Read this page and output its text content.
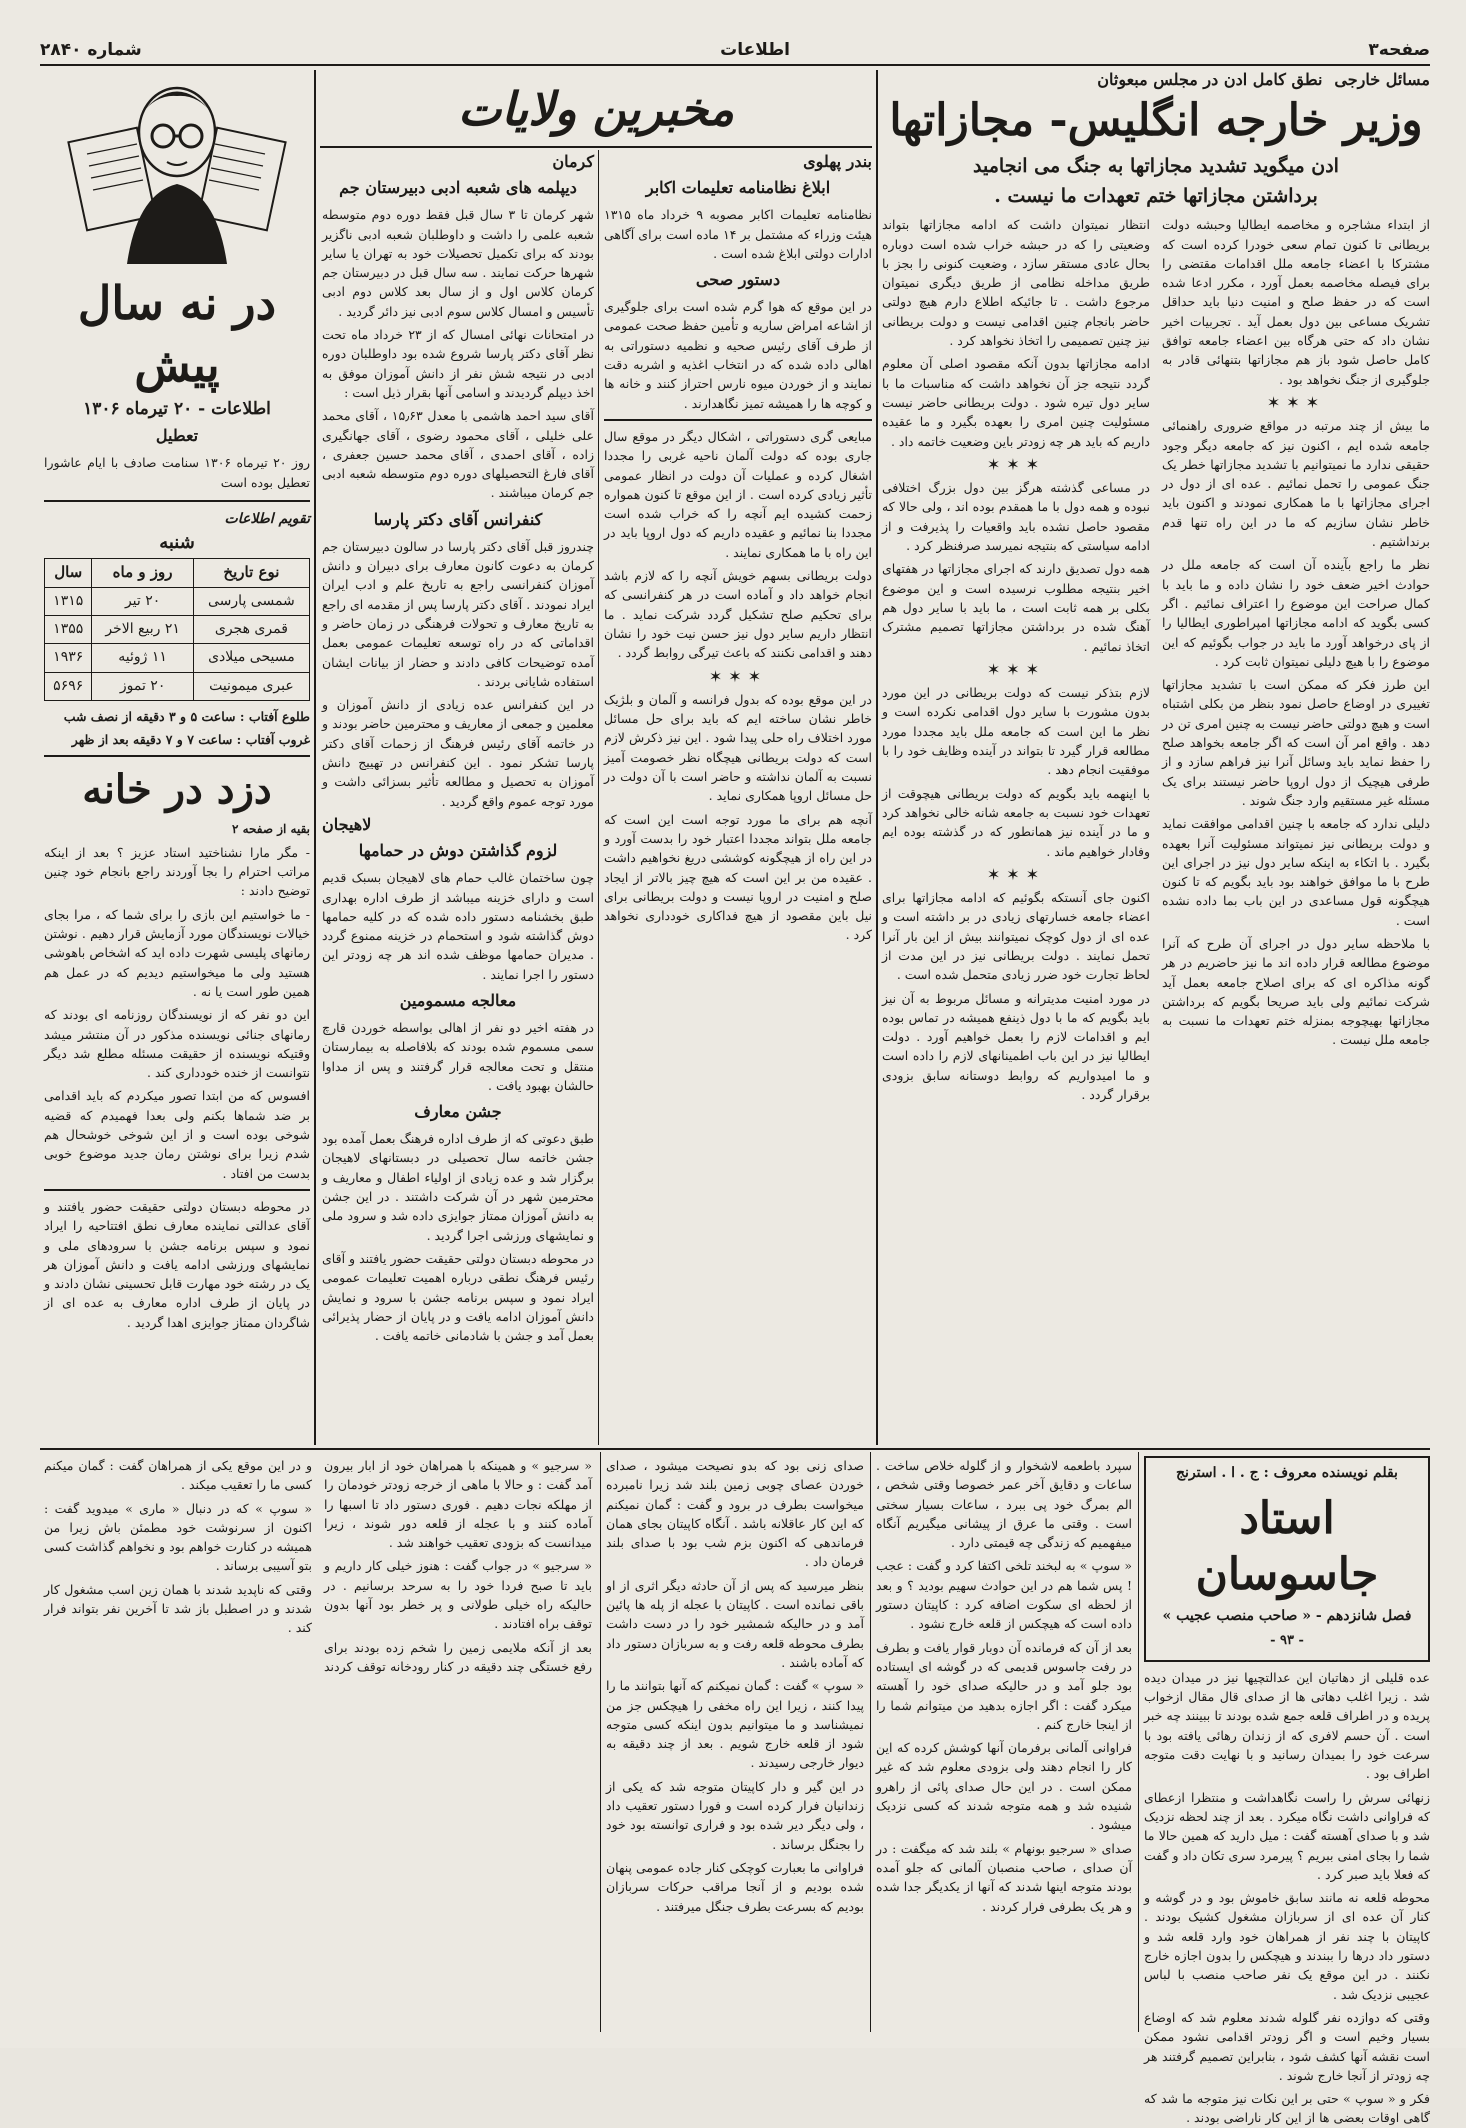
صفحه۳
اطلاعات
شماره ۲۸۴۰
مسائل خارجی
نطق کامل ادن در مجلس مبعوثان
وزیر خارجه انگلیس- مجازاتها
ادن میگوید تشدید مجازاتها به جنگ می انجامید
برداشتن مجازاتها ختم تعهدات ما نیست .

از ابتداء مشاجره و مخاصمه ایطالیا وحبشه دولت بریطانی تا کنون تمام سعی خودرا کرده است که مشترکا با اعضاء جامعه ملل اقدامات مقتضی را برای فیصله مخاصمه بعمل آورد ، مکرر ادعا شده است که در حفظ صلح و امنیت دنیا باید حداقل تشریک مساعی بین دول بعمل آید . تجربیات اخیر نشان داد که حتی هرگاه بین اعضاء جامعه توافق کامل حاصل شود باز هم مجازاتها بتنهائی قادر به جلوگیری از جنگ نخواهد بود .

✶✶✶

ما بیش از چند مرتبه در مواقع ضروری راهنمائی جامعه شده ایم ، اکنون نیز که جامعه دیگر وجود حقیقی ندارد ما نمیتوانیم با تشدید مجازاتها خطر یک جنگ عمومی را تحمل نمائیم . عده ای از دول در اجرای مجازاتها با ما همکاری نمودند و اکنون باید خاطر نشان سازیم که ما در این راه تنها قدم برنداشتیم .

نظر ما راجع بآینده آن است که جامعه ملل در حوادث اخیر ضعف خود را نشان داده و ما باید با کمال صراحت این موضوع را اعتراف نمائیم . اگر کسی بگوید که ادامه مجازاتها امپراطوری ایطالیا را از پای درخواهد آورد ما باید در جواب بگوئیم که این موضوع را با هیچ دلیلی نمیتوان ثابت کرد .

این طرز فکر که ممکن است با تشدید مجازاتها تغییری در اوضاع حاصل نمود بنظر من بکلی اشتباه است و هیچ دولتی حاضر نیست به چنین امری تن در دهد . واقع امر آن است که اگر جامعه بخواهد صلح را حفظ نماید باید وسائل آنرا نیز فراهم سازد و از طرفی هیچیک از دول اروپا حاضر نیستند برای یک مسئله غیر مستقیم وارد جنگ شوند .

دلیلی ندارد که جامعه با چنین اقدامی موافقت نماید و دولت بریطانی نیز نمیتواند مسئولیت آنرا بعهده بگیرد . با اتکاء به اینکه سایر دول نیز در اجرای این طرح با ما موافق خواهند بود باید بگویم که تا کنون هیچگونه قول مساعدی در این باب بما داده نشده است .

با ملاحظه سایر دول در اجرای آن طرح که آنرا موضوع مطالعه قرار داده اند ما نیز حاضریم در هر گونه مذاکره ای که برای اصلاح جامعه بعمل آید شرکت نمائیم ولی باید صریحا بگویم که برداشتن مجازاتها بهیچوجه بمنزله ختم تعهدات ما نسبت به جامعه ملل نیست .

انتظار نمیتوان داشت که ادامه مجازاتها بتواند وضعیتی را که در حبشه خراب شده است دوباره بحال عادی مستقر سازد ، وضعیت کنونی را بجز با طریق مداخله نظامی از طریق دیگری نمیتوان مرجوع داشت . تا جائیکه اطلاع دارم هیچ دولتی حاضر بانجام چنین اقدامی نیست و دولت بریطانی نیز چنین تصمیمی را اتخاذ نخواهد کرد .

ادامه مجازاتها بدون آنکه مقصود اصلی آن معلوم گردد نتیجه جز آن نخواهد داشت که مناسبات ما با سایر دول تیره شود . دولت بریطانی حاضر نیست مسئولیت چنین امری را بعهده بگیرد و ما عقیده داریم که باید هر چه زودتر باین وضعیت خاتمه داد .

✶✶✶

در مساعی گذشته هرگز بین دول بزرگ اختلافی نبوده و همه دول با ما همقدم بوده اند ، ولی حالا که مقصود حاصل نشده باید واقعیات را پذیرفت و از ادامه سیاستی که بنتیجه نمیرسد صرفنظر کرد .

همه دول تصدیق دارند که اجرای مجازاتها در هفتهای اخیر بنتیجه مطلوب نرسیده است و این موضوع بکلی بر همه ثابت است ، ما باید با سایر دول هم آهنگ شده در برداشتن مجازاتها تصمیم مشترک اتخاذ نمائیم .

✶✶✶

لازم بتذکر نیست که دولت بریطانی در این مورد بدون مشورت با سایر دول اقدامی نکرده است و نظر ما این است که جامعه ملل باید مجددا مورد مطالعه قرار گیرد تا بتواند در آینده وظایف خود را با موفقیت انجام دهد .

با اینهمه باید بگویم که دولت بریطانی هیچوقت از تعهدات خود نسبت به جامعه شانه خالی نخواهد کرد و ما در آینده نیز همانطور که در گذشته بوده ایم وفادار خواهیم ماند .

✶✶✶

اکنون جای آنستکه بگوئیم که ادامه مجازاتها برای اعضاء جامعه خسارتهای زیادی در بر داشته است و عده ای از دول کوچک نمیتوانند بیش از این بار آنرا تحمل نمایند . دولت بریطانی نیز در این مدت از لحاظ تجارت خود ضرر زیادی متحمل شده است .

در مورد امنیت مدیترانه و مسائل مربوط به آن نیز باید بگویم که ما با دول ذینفع همیشه در تماس بوده ایم و اقدامات لازم را بعمل خواهیم آورد . دولت ایطالیا نیز در این باب اطمینانهای لازم را داده است و ما امیدواریم که روابط دوستانه سابق بزودی برقرار گردد .

مخبرین ولایات
بندر پهلوی
ابلاغ نظامنامه تعلیمات اکابر

نظامنامه تعلیمات اکابر مصوبه ۹ خرداد ماه ۱۳۱۵ هیئت وزراء که مشتمل بر ۱۴ ماده است برای آگاهی ادارات دولتی ابلاغ شده است .

دستور صحی

در این موقع که هوا گرم شده است برای جلوگیری از اشاعه امراض ساریه و تأمین حفظ صحت عمومی از طرف آقای رئیس صحیه و نظمیه دستوراتی به اهالی داده شده که در انتخاب اغذیه و اشربه دقت نمایند و از خوردن میوه نارس احتراز کنند و خانه ها و کوچه ها را همیشه تمیز نگاهدارند .

مبایعی گری دستوراتی ، اشکال دیگر در موقع سال جاری بوده که دولت آلمان ناحیه غربی را مجددا اشغال کرده و عملیات آن دولت در انظار عمومی تأثیر زیادی کرده است . از این موقع تا کنون همواره زحمت کشیده ایم آنچه را که خراب شده است مجددا بنا نمائیم و عقیده داریم که دول اروپا باید در این راه با ما همکاری نمایند .

دولت بریطانی بسهم خویش آنچه را که لازم باشد انجام خواهد داد و آماده است در هر کنفرانسی که برای تحکیم صلح تشکیل گردد شرکت نماید . ما انتظار داریم سایر دول نیز حسن نیت خود را نشان دهند و اقدامی نکنند که باعث تیرگی روابط گردد .

✶✶✶

در این موقع بوده که بدول فرانسه و آلمان و بلژیک خاطر نشان ساخته ایم که باید برای حل مسائل مورد اختلاف راه حلی پیدا شود . این نیز ذکرش لازم است که دولت بریطانی هیچگاه نظر خصومت آمیز نسبت به آلمان نداشته و حاضر است با آن دولت در حل مسائل اروپا همکاری نماید .

آنچه هم برای ما مورد توجه است این است که جامعه ملل بتواند مجددا اعتبار خود را بدست آورد و در این راه از هیچگونه کوششی دریغ نخواهیم داشت . عقیده من بر این است که هیچ چیز بالاتر از ایجاد صلح و امنیت در اروپا نیست و دولت بریطانی برای نیل باین مقصود از هیچ فداکاری خودداری نخواهد کرد .

کرمان
دیپلمه های شعبه ادبی دبیرستان جم

شهر کرمان تا ۳ سال قبل فقط دوره دوم متوسطه شعبه علمی را داشت و داوطلبان شعبه ادبی ناگزیر بودند که برای تکمیل تحصیلات خود به تهران یا سایر شهرها حرکت نمایند . سه سال قبل در دبیرستان جم کرمان کلاس اول و از سال بعد کلاس دوم ادبی تأسیس و امسال کلاس سوم ادبی نیز دائر گردید .

در امتحانات نهائی امسال که از ۲۳ خرداد ماه تحت نظر آقای دکتر پارسا شروع شده بود داوطلبان دوره ادبی در نتیجه شش نفر از دانش آموزان موفق به اخذ دیپلم گردیدند و اسامی آنها بقرار ذیل است :

آقای سید احمد هاشمی با معدل ۱۵٫۶۳ ، آقای محمد علی خلیلی ، آقای محمود رضوی ، آقای جهانگیری زاده ، آقای احمدی ، آقای محمد حسین جعفری ، آقای فارغ التحصیلهای دوره دوم متوسطه شعبه ادبی جم کرمان میباشند .

کنفرانس آقای دکتر پارسا

چندروز قبل آقای دکتر پارسا در سالون دبیرستان جم کرمان به دعوت کانون معارف برای دبیران و دانش آموزان کنفرانسی راجع به تاریخ علم و ادب ایران ایراد نمودند . آقای دکتر پارسا پس از مقدمه ای راجع به تاریخ معارف و تحولات فرهنگی در زمان حاضر و اقداماتی که در راه توسعه تعلیمات عمومی بعمل آمده توضیحات کافی دادند و حضار از بیانات ایشان استفاده شایانی بردند .

در این کنفرانس عده زیادی از دانش آموزان و معلمین و جمعی از معاریف و محترمین حاضر بودند و در خاتمه آقای رئیس فرهنگ از زحمات آقای دکتر پارسا تشکر نمود . این کنفرانس در تهییج دانش آموزان به تحصیل و مطالعه تأثیر بسزائی داشت و مورد توجه عموم واقع گردید .

لاهیجان
لزوم گذاشتن دوش در حمامها

چون ساختمان غالب حمام های لاهیجان بسبک قدیم است و دارای خزینه میباشد از طرف اداره بهداری طبق بخشنامه دستور داده شده که در کلیه حمامها دوش گذاشته شود و استحمام در خزینه ممنوع گردد . مدیران حمامها موظف شده اند هر چه زودتر این دستور را اجرا نمایند .

معالجه مسمومین

در هفته اخیر دو نفر از اهالی بواسطه خوردن قارچ سمی مسموم شده بودند که بلافاصله به بیمارستان منتقل و تحت معالجه قرار گرفتند و پس از مداوا حالشان بهبود یافت .

جشن معارف

طبق دعوتی که از طرف اداره فرهنگ بعمل آمده بود جشن خاتمه سال تحصیلی در دبستانهای لاهیجان برگزار شد و عده زیادی از اولیاء اطفال و معاریف و محترمین شهر در آن شرکت داشتند . در این جشن به دانش آموزان ممتاز جوایزی داده شد و سرود ملی و نمایشهای ورزشی اجرا گردید .

در محوطه دبستان دولتی حقیقت حضور یافتند و آقای رئیس فرهنگ نطقی درباره اهمیت تعلیمات عمومی ایراد نمود و سپس برنامه جشن با سرود و نمایش دانش آموزان ادامه یافت و در پایان از حضار پذیرائی بعمل آمد و جشن با شادمانی خاتمه یافت .

در نه سال پیش
اطلاعات - ۲۰ تیرماه ۱۳۰۶
تعطیل

روز ۲۰ تیرماه ۱۳۰۶ سنامت صادف با ایام عاشورا تعطیل بوده است

تقویم اطلاعات
شنبه
نوع تاریخ	روز و ماه	سال
شمسی پارسی	۲۰ تیر	۱۳۱۵
قمری هجری	۲۱ ربیع الاخر	۱۳۵۵
مسیحی میلادی	۱۱ ژوئیه	۱۹۳۶
عبری میمونیت	۲۰ تموز	۵۶۹۶

طلوع آفتاب : ساعت ۵ و ۳ دقیقه از نصف شب

غروب آفتاب : ساعت ۷ و ۷ دقیقه بعد از ظهر

دزد در خانه
بقیه از صفحه ۲

- مگر مارا نشناختید استاد عزیز ؟ بعد از اینکه مراتب احترام را بجا آوردند راجع بانجام خود چنین توضیح دادند :

- ما خواستیم این بازی را برای شما که ، مرا بجای خیالات نویسندگان مورد آزمایش قرار دهیم . نوشتن رمانهای پلیسی شهرت داده اید که اشخاص باهوشی هستید ولی ما میخواستیم دیدیم که در عمل هم همین طور است یا نه .

این دو نفر که از نویسندگان روزنامه ای بودند که رمانهای جنائی نویسنده مذکور در آن منتشر میشد وقتیکه نویسنده از حقیقت مسئله مطلع شد دیگر نتوانست از خنده خودداری کند .

افسوس که من ابتدا تصور میکردم که باید اقدامی بر ضد شماها بکنم ولی بعدا فهمیدم که قضیه شوخی بوده است و از این شوخی خوشحال هم شدم زیرا برای نوشتن رمان جدید موضوع خوبی بدست من افتاد .

در محوطه دبستان دولتی حقیقت حضور یافتند و آقای عدالتی نماینده معارف نطق افتتاحیه را ایراد نمود و سپس برنامه جشن با سرودهای ملی و نمایشهای ورزشی ادامه یافت و دانش آموزان هر یک در رشته خود مهارت قابل تحسینی نشان دادند و در پایان از طرف اداره معارف به عده ای از شاگردان ممتاز جوایزی اهدا گردید .

بقلم نویسنده معروف : ج . ا . استرنج
استاد جاسوسان
فصل شانزدهم - « صاحب منصب عجیب »
- ۹۳ -

عده قلیلی از دهاتیان این عدالتچیها نیز در میدان دیده شد . زیرا اغلب دهاتی ها از صدای قال مقال ازخواب پریده و در اطراف قلعه جمع شده بودند تا ببینند چه خبر است . آن حسم لافری که از زندان رهائی یافته بود با سرعت خود را بمیدان رسانید و با نهایت دقت متوجه اطراف بود .

زنهائی سرش را راست نگاهداشت و منتظرا ازعطای که فراوانی داشت نگاه میکرد . بعد از چند لحظه نزدیک شد و با صدای آهسته گفت : میل دارید که همین حالا ما شما را بجای امنی ببریم ؟ پیرمرد سری تکان داد و گفت که فعلا باید صبر کرد .

محوطه قلعه نه مانند سابق خاموش بود و در گوشه و کنار آن عده ای از سربازان مشغول کشیک بودند . کاپیتان با چند نفر از همراهان خود وارد قلعه شد و دستور داد درها را ببندند و هیچکس را بدون اجازه خارج نکنند . در این موقع یک نفر صاحب منصب با لباس عجیبی نزدیک شد .

وقتی که دوازده نفر گلوله شدند معلوم شد که اوضاع بسیار وخیم است و اگر زودتر اقدامی نشود ممکن است نقشه آنها کشف شود ، بنابراین تصمیم گرفتند هر چه زودتر از آنجا خارج شوند .

فکر و « سوپ » حتی بر این نکات نیز متوجه ما شد که گاهی اوقات بعضی ها از این کار ناراضی بودند .

سپرد باطعمه لاشخوار و از گلوله خلاص ساخت . ساعات و دقایق آخر عمر خصوصا وقتی شخص ، الم بمرگ خود پی ببرد ، ساعات بسیار سختی است . وقتی ما عرق از پیشانی میگیریم آنگاه میفهمیم که زندگی چه قیمتی دارد .

« سوپ » به لبخند تلخی اکتفا کرد و گفت : عجب ! پس شما هم در این حوادث سهیم بودید ؟ و بعد از لحظه ای سکوت اضافه کرد : کاپیتان دستور داده است که هیچکس از قلعه خارج نشود .

بعد از آن که فرمانده آن دوبار قوار یافت و بطرف در رفت جاسوس قدیمی که در گوشه ای ایستاده بود جلو آمد و در حالیکه صدای خود را آهسته میکرد گفت : اگر اجازه بدهید من میتوانم شما را از اینجا خارج کنم .

فراوانی آلمانی برفرمان آنها کوشش کرده که این کار را انجام دهند ولی بزودی معلوم شد که غیر ممکن است . در این حال صدای پائی از راهرو شنیده شد و همه متوجه شدند که کسی نزدیک میشود .

صدای « سرجیو بونهام » بلند شد که میگفت : در آن صدای ، صاحب منصبان آلمانی که جلو آمده بودند متوجه اینها شدند که آنها از یکدیگر جدا شده و هر یک بطرفی فرار کردند .

صدای زنی بود که بدو نصیحت میشود ، صدای خوردن عصای چوبی زمین بلند شد زیرا نامبرده میخواست بطرف در برود و گفت : گمان نمیکنم که این کار عاقلانه باشد . آنگاه کاپیتان بجای همان فرماندهی که اکنون بزم شب بود با صدای بلند فرمان داد .

بنظر میرسید که پس از آن حادثه دیگر اثری از او باقی نمانده است . کاپیتان با عجله از پله ها پائین آمد و در حالیکه شمشیر خود را در دست داشت بطرف محوطه قلعه رفت و به سربازان دستور داد که آماده باشند .

« سوپ » گفت : گمان نمیکنم که آنها بتوانند ما را پیدا کنند ، زیرا این راه مخفی را هیچکس جز من نمیشناسد و ما میتوانیم بدون اینکه کسی متوجه شود از قلعه خارج شویم . بعد از چند دقیقه به دیوار خارجی رسیدند .

در این گیر و دار کاپیتان متوجه شد که یکی از زندانیان فرار کرده است و فورا دستور تعقیب داد ، ولی دیگر دیر شده بود و فراری توانسته بود خود را بجنگل برساند .

فراوانی ما بعبارت کوچکی کنار جاده عمومی پنهان شده بودیم و از آنجا مراقب حرکات سربازان بودیم که بسرعت بطرف جنگل میرفتند .

« سرجیو » و همینکه با همراهان خود از ابار بیرون آمد گفت : و حالا با ماهی از خرجه زودتر خودمان را از مهلکه نجات دهیم . فوری دستور داد تا اسبها را آماده کنند و با عجله از قلعه دور شوند ، زیرا میدانست که بزودی تعقیب خواهند شد .

« سرجیو » در جواب گفت : هنوز خیلی کار داریم و باید تا صبح فردا خود را به سرحد برسانیم . در حالیکه راه خیلی طولانی و پر خطر بود آنها بدون توقف براه افتادند .

بعد از آنکه ملایمی زمین را شخم زده بودند برای رفع خستگی چند دقیقه در کنار رودخانه توقف کردند و در این موقع یکی از همراهان گفت : گمان میکنم کسی ما را تعقیب میکند .

« سوپ » که در دنبال « ماری » میدوید گفت : اکنون از سرنوشت خود مطمئن باش زیرا من همیشه در کنارت خواهم بود و نخواهم گذاشت کسی بتو آسیبی برساند .

وقتی که ناپدید شدند با همان زین اسب مشغول کار شدند و در اصطبل باز شد تا آخرین نفر بتواند فرار کند .
